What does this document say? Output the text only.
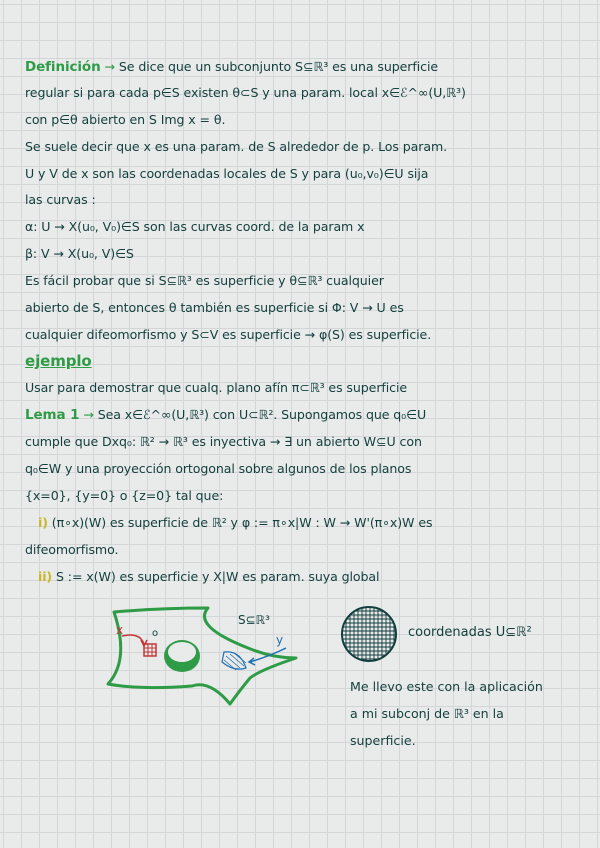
Definición → Se dice que un subconjunto S⊆ℝ³ es una superficie
regular si para cada p∈S existen θ⊂S y una param. local x∈ℰ^∞(U,ℝ³)
con p∈θ abierto en S Img x = θ.
Se suele decir que x es una param. de S alrededor de p. Los param.
U y V de x son las coordenadas locales de S y para (u₀,v₀)∈U sija
las curvas :
α: U → X(u₀, V₀)∈S son las curvas coord. de la param x
β: V → X(u₀, V)∈S
Es fácil probar que si S⊆ℝ³ es superficie y θ⊆ℝ³ cualquier
abierto de S, entonces θ también es superficie si Φ: V → U es
cualquier difeomorfismo y S⊂V es superficie → φ(S) es superficie.
ejemplo
Usar para demostrar que cualq. plano afín π⊂ℝ³ es superficie
Lema 1 → Sea x∈ℰ^∞(U,ℝ³) con U⊂ℝ². Supongamos que q₀∈U
cumple que Dxq₀: ℝ² → ℝ³ es inyectiva → ∃ un abierto W⊆U con
q₀∈W y una proyección ortogonal sobre algunos de los planos
{x=0}, {y=0} o {z=0} tal que:
i) (π∘x)(W) es superficie de ℝ² y φ := π∘x|W : W → W'(π∘x)W es
difeomorfismo.
ii) S := x(W) es superficie y X|W es param. suya global
x	o	y
S⊆ℝ³
coordenadas U⊆ℝ²
Me llevo este con la aplicación
a mi subconj de ℝ³ en la
superficie.
